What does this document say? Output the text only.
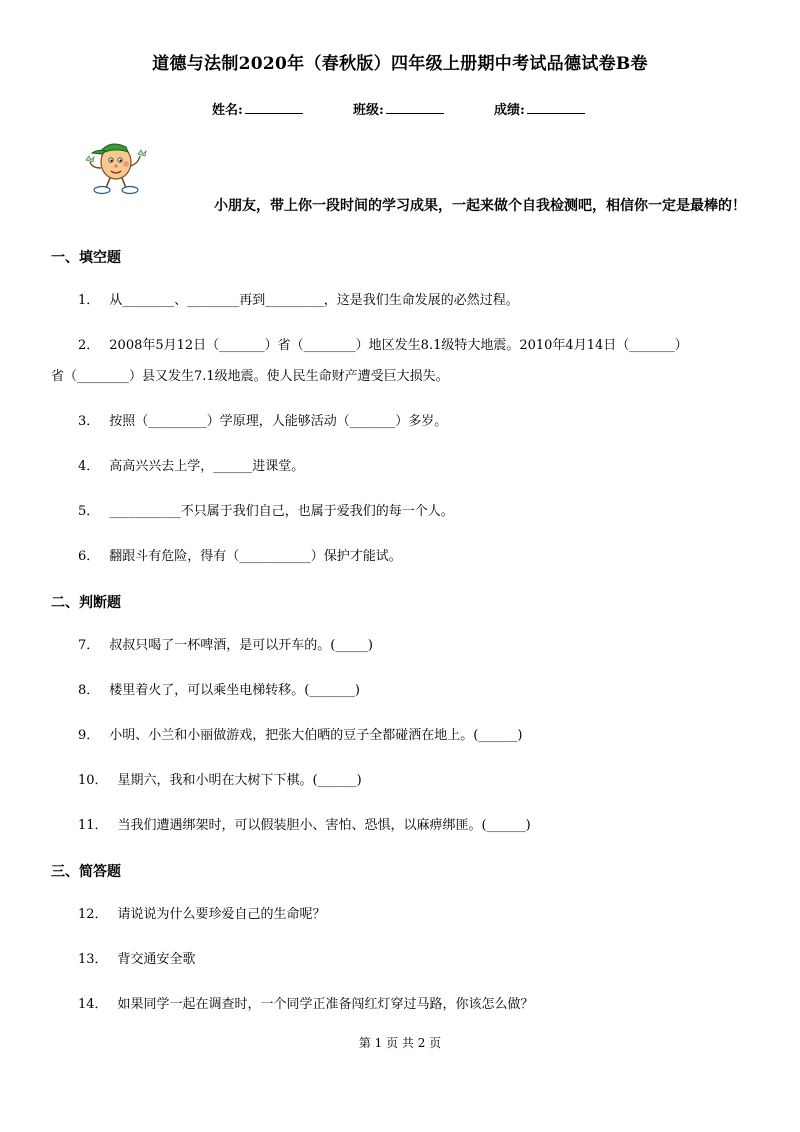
道德与法制2020年（春秋版）四年级上册期中考试品德试卷B卷
姓名:	班级:	成绩:
小朋友，带上你一段时间的学习成果，一起来做个自我检测吧，相信你一定是最棒的！
一、填空题
1． 从________、________再到_________，这是我们生命发展的必然过程。
2． 2008年5月12日（_______）省（________）地区发生8.1级特大地震。2010年4月14日（_______）
省（________）县又发生7.1级地震。使人民生命财产遭受巨大损失。
3． 按照（_________）学原理，人能够活动（_______）多岁。
4． 高高兴兴去上学，______进课堂。
5． ___________不只属于我们自己，也属于爱我们的每一个人。
6． 翻跟斗有危险，得有（___________）保护才能试。
二、判断题
7． 叔叔只喝了一杯啤酒，是可以开车的。(_____)
8． 楼里着火了，可以乘坐电梯转移。(_______)
9． 小明、小兰和小丽做游戏，把张大伯晒的豆子全都碰洒在地上。(______)
10． 星期六，我和小明在大树下下棋。(______)
11． 当我们遭遇绑架时，可以假装胆小、害怕、恐惧，以麻痹绑匪。(______)
三、简答题
12． 请说说为什么要珍爱自己的生命呢？
13． 背交通安全歌
14． 如果同学一起在调查时，一个同学正准备闯红灯穿过马路，你该怎么做？
第 1 页 共 2 页
